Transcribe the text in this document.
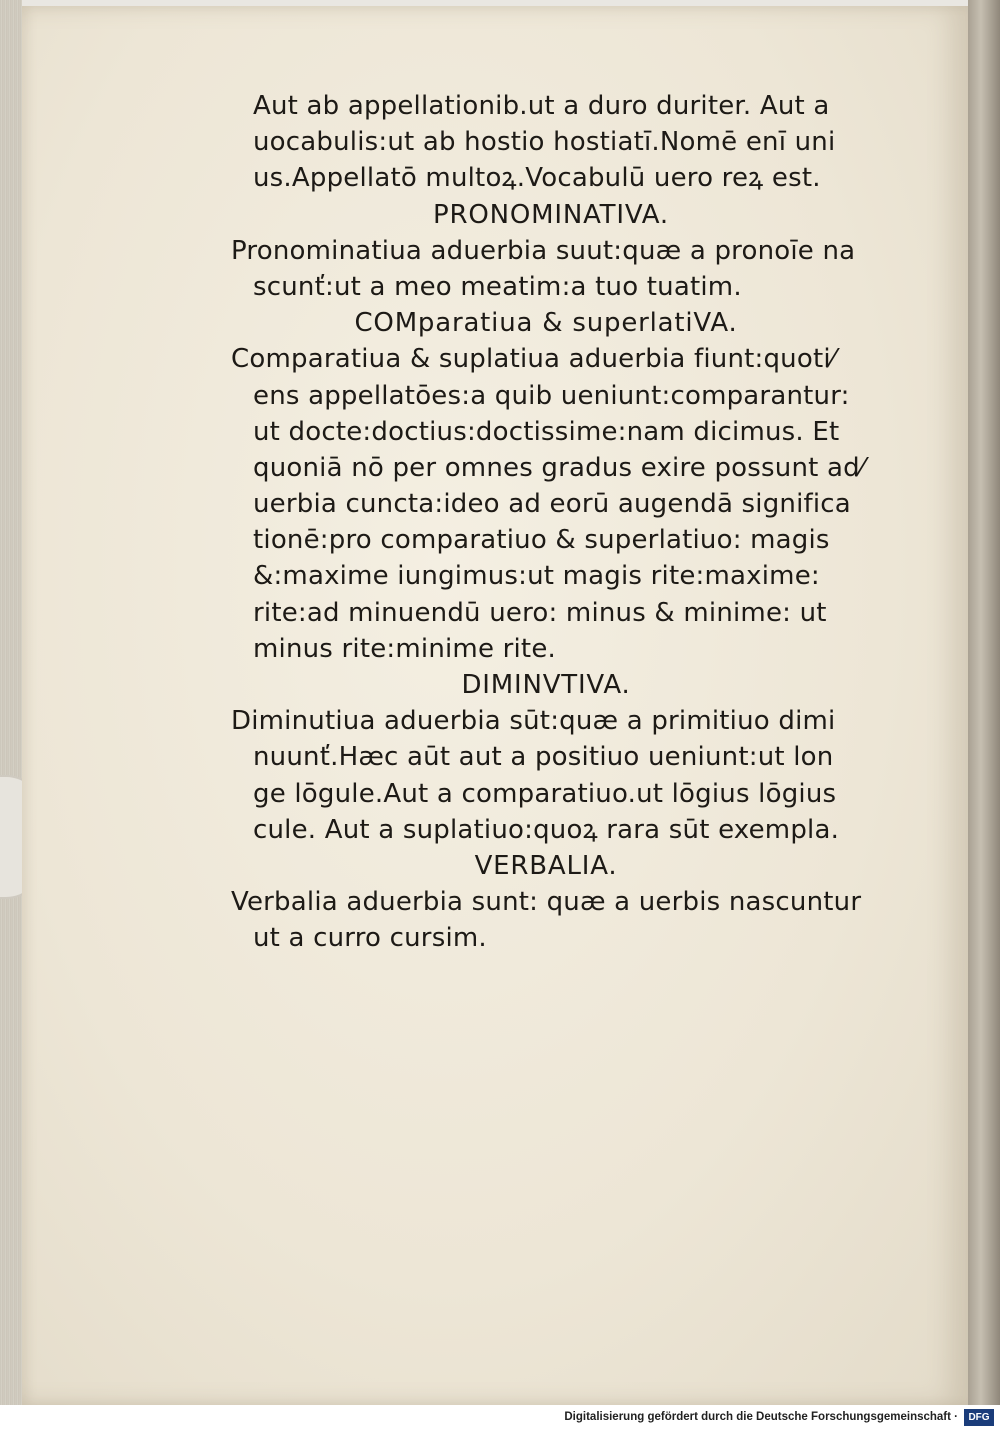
Aut ab appellationib.ut a duro duriter. Aut a
uocabulis:ut ab hostio hostiatī.Nomē enī uni
us.Appellatō multoꝝ.Vocabulū uero reꝝ est.
PRONOMINATIVA.
Pronominatiua aduerbia suut:quæ a pronoīe na
scunť:ut a meo meatim:a tuo tuatim.
COMparatiua & superlatiVA.
Comparatiua & suplatiua aduerbia fiunt:quoti⁄
ens appellatōes:a quib ueniunt:comparantur:
ut docte:doctius:doctissime:nam dicimus. Et
quoniā nō per omnes gradus exire possunt ad⁄
uerbia cuncta:ideo ad eorū augendā significa
tionē:pro comparatiuo & superlatiuo: magis
&:maxime iungimus:ut magis rite:maxime:
rite:ad minuendū uero: minus & minime: ut
minus rite:minime rite.
DIMINVTIVA.
Diminutiua aduerbia sūt:quæ a primitiuo dimi
nuunť.Hæc aūt aut a positiuo ueniunt:ut lon
ge lōgule.Aut a comparatiuo.ut lōgius lōgius
cule. Aut a suplatiuo:quoꝝ rara sūt exempla.
VERBALIA.
Verbalia aduerbia sunt: quæ a uerbis nascuntur
ut a curro cursim.
Digitalisierung gefördert durch die Deutsche Forschungsgemeinschaft ·	DFG
